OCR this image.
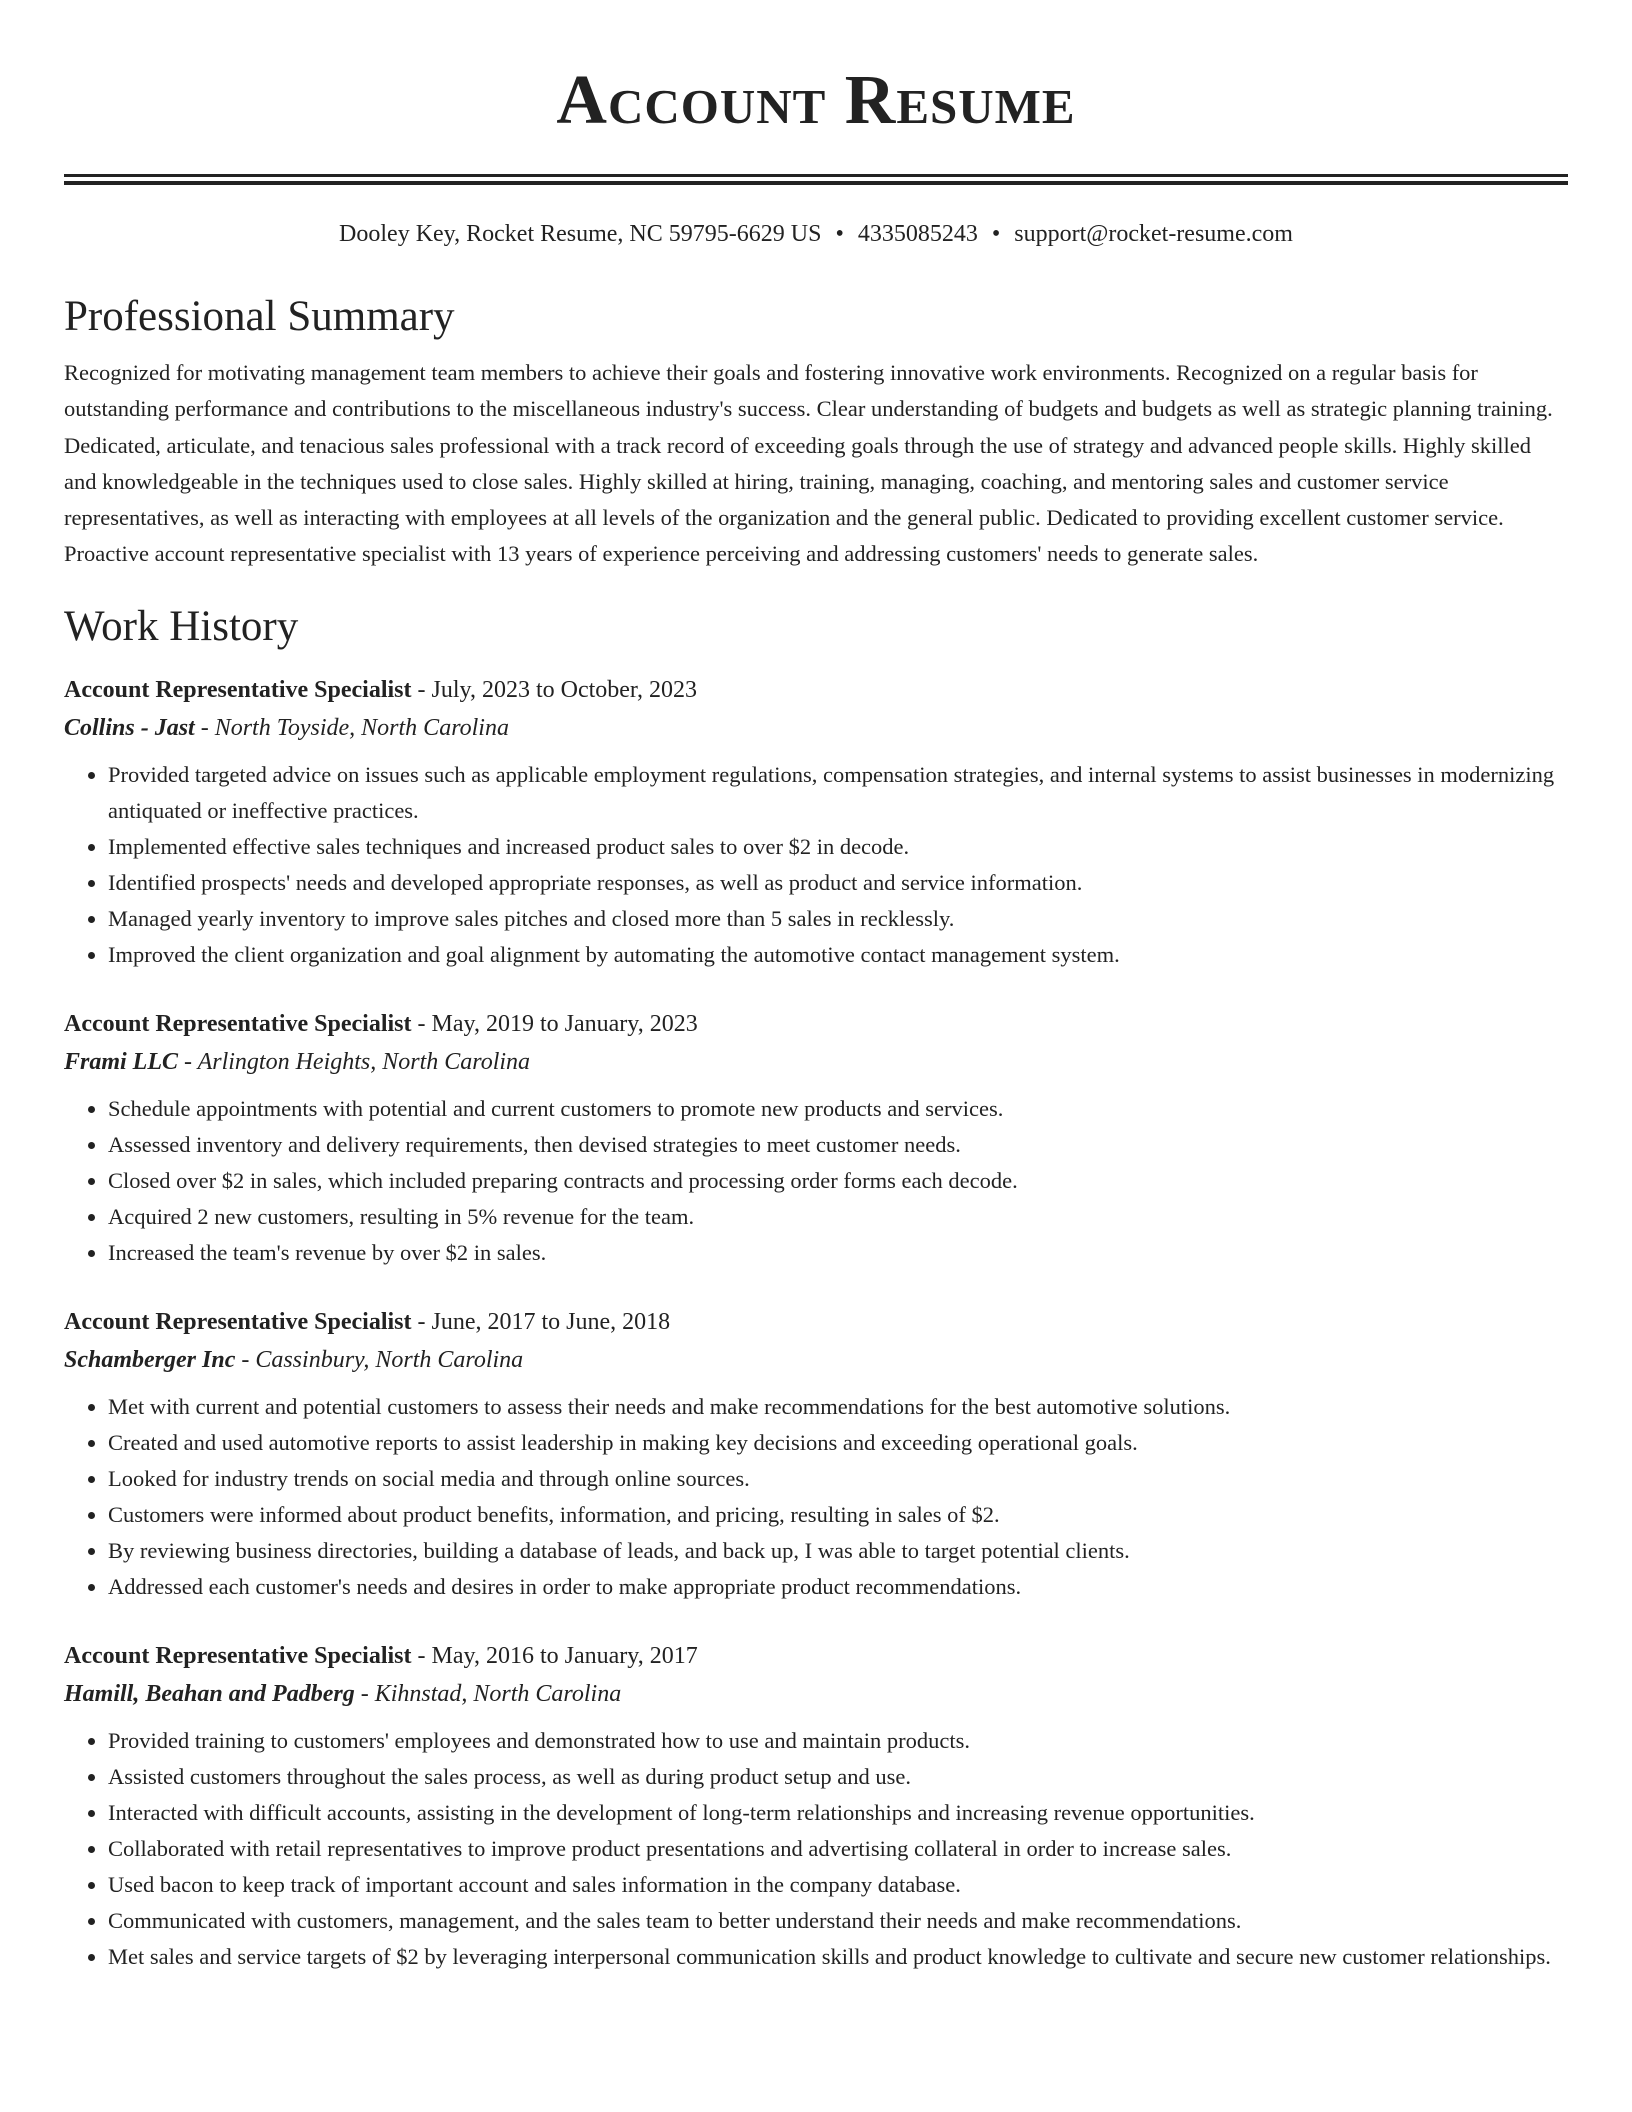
Account Resume
Dooley Key, Rocket Resume, NC 59795-6629 US • 4335085243 • support@rocket-resume.com
Professional Summary

Recognized for motivating management team members to achieve their goals and fostering innovative work environments. Recognized on a regular basis for outstanding performance and contributions to the miscellaneous industry's success. Clear understanding of budgets and budgets as well as strategic planning training. Dedicated, articulate, and tenacious sales professional with a track record of exceeding goals through the use of strategy and advanced people skills. Highly skilled and knowledgeable in the techniques used to close sales. Highly skilled at hiring, training, managing, coaching, and mentoring sales and customer service representatives, as well as interacting with employees at all levels of the organization and the general public. Dedicated to providing excellent customer service. Proactive account representative specialist with 13 years of experience perceiving and addressing customers' needs to generate sales.

Work History
Account Representative Specialist - July, 2023 to October, 2023
Collins - Jast - North Toyside, North Carolina
• Provided targeted advice on issues such as applicable employment regulations, compensation strategies, and internal systems to assist businesses in modernizing antiquated or ineffective practices.
• Implemented effective sales techniques and increased product sales to over $2 in decode.
• Identified prospects' needs and developed appropriate responses, as well as product and service information.
• Managed yearly inventory to improve sales pitches and closed more than 5 sales in recklessly.
• Improved the client organization and goal alignment by automating the automotive contact management system.
Account Representative Specialist - May, 2019 to January, 2023
Frami LLC - Arlington Heights, North Carolina
• Schedule appointments with potential and current customers to promote new products and services.
• Assessed inventory and delivery requirements, then devised strategies to meet customer needs.
• Closed over $2 in sales, which included preparing contracts and processing order forms each decode.
• Acquired 2 new customers, resulting in 5% revenue for the team.
• Increased the team's revenue by over $2 in sales.
Account Representative Specialist - June, 2017 to June, 2018
Schamberger Inc - Cassinbury, North Carolina
• Met with current and potential customers to assess their needs and make recommendations for the best automotive solutions.
• Created and used automotive reports to assist leadership in making key decisions and exceeding operational goals.
• Looked for industry trends on social media and through online sources.
• Customers were informed about product benefits, information, and pricing, resulting in sales of $2.
• By reviewing business directories, building a database of leads, and back up, I was able to target potential clients.
• Addressed each customer's needs and desires in order to make appropriate product recommendations.
Account Representative Specialist - May, 2016 to January, 2017
Hamill, Beahan and Padberg - Kihnstad, North Carolina
• Provided training to customers' employees and demonstrated how to use and maintain products.
• Assisted customers throughout the sales process, as well as during product setup and use.
• Interacted with difficult accounts, assisting in the development of long-term relationships and increasing revenue opportunities.
• Collaborated with retail representatives to improve product presentations and advertising collateral in order to increase sales.
• Used bacon to keep track of important account and sales information in the company database.
• Communicated with customers, management, and the sales team to better understand their needs and make recommendations.
• Met sales and service targets of $2 by leveraging interpersonal communication skills and product knowledge to cultivate and secure new customer relationships.
